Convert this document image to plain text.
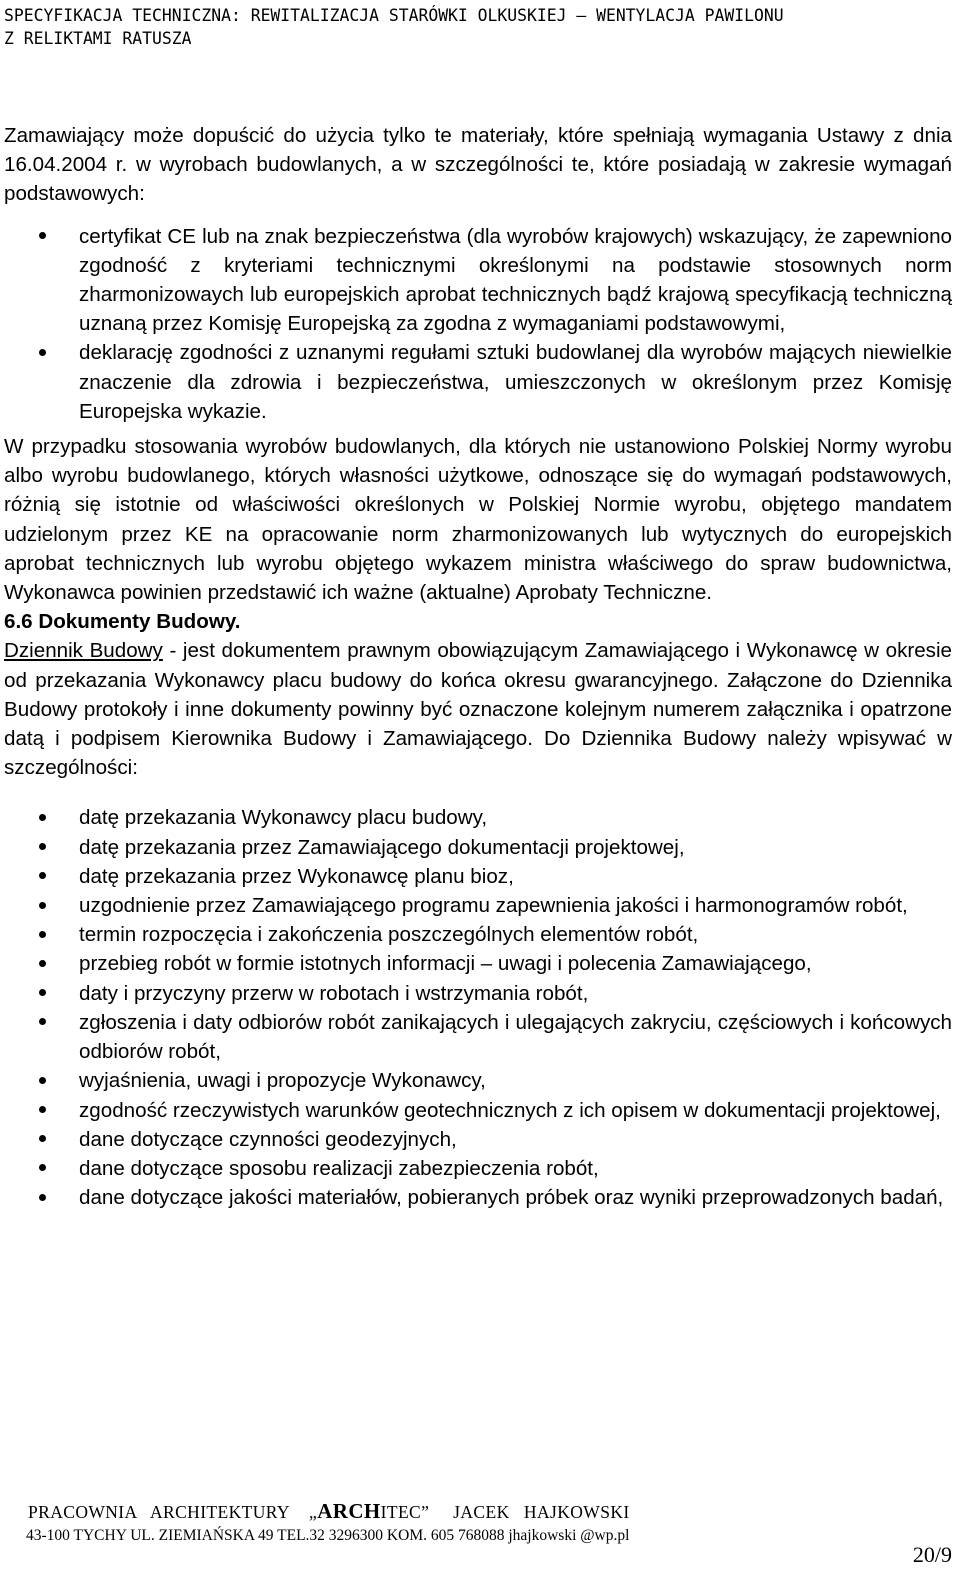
SPECYFIKACJA TECHNICZNA: REWITALIZACJA STARÓWKI OLKUSKIEJ – WENTYLACJA PAWILONU
Z RELIKTAMI RATUSZA

Zamawiający może dopuścić do użycia tylko te materiały, które spełniają wymagania Ustawy z dnia 16.04.2004 r. w wyrobach budowlanych, a w szczególności te, które posiadają w zakresie wymagań podstawowych:

certyfikat CE lub na znak bezpieczeństwa (dla wyrobów krajowych) wskazujący, że zapewniono zgodność z kryteriami technicznymi określonymi na podstawie stosownych norm zharmonizowaych lub europejskich aprobat technicznych bądź krajową specyfikacją techniczną uznaną przez Komisję Europejską za zgodna z wymaganiami podstawowymi,
deklarację zgodności z uznanymi regułami sztuki budowlanej dla wyrobów mających niewielkie znaczenie dla zdrowia i bezpieczeństwa, umieszczonych w określonym przez Komisję Europejska wykazie.

W przypadku stosowania wyrobów budowlanych, dla których nie ustanowiono Polskiej Normy wyrobu albo wyrobu budowlanego, których własności użytkowe, odnoszące się do wymagań podstawowych, różnią się istotnie od właściwości określonych w Polskiej Normie wyrobu, objętego mandatem udzielonym przez KE na opracowanie norm zharmonizowanych lub wytycznych do europejskich aprobat technicznych lub wyrobu objętego wykazem ministra właściwego do spraw budownictwa, Wykonawca powinien przedstawić ich ważne (aktualne) Aprobaty Techniczne.

6.6 Dokumenty Budowy.

Dziennik Budowy - jest dokumentem prawnym obowiązującym Zamawiającego i Wykonawcę w okresie od przekazania Wykonawcy placu budowy do końca okresu gwarancyjnego. Załączone do Dziennika Budowy protokoły i inne dokumenty powinny być oznaczone kolejnym numerem załącznika i opatrzone datą i podpisem Kierownika Budowy i Zamawiającego. Do Dziennika Budowy należy wpisywać w szczególności:

datę przekazania Wykonawcy placu budowy,
datę przekazania przez Zamawiającego dokumentacji projektowej,
datę przekazania przez Wykonawcę planu bioz,
uzgodnienie przez Zamawiającego programu zapewnienia jakości i harmonogramów robót,
termin rozpoczęcia i zakończenia poszczególnych elementów robót,
przebieg robót w formie istotnych informacji – uwagi i polecenia Zamawiającego,
daty i przyczyny przerw w robotach i wstrzymania robót,
zgłoszenia i daty odbiorów robót zanikających i ulegających zakryciu, częściowych i końcowych odbiorów robót,
wyjaśnienia, uwagi i propozycje Wykonawcy,
zgodność rzeczywistych warunków geotechnicznych z ich opisem w dokumentacji projektowej,
dane dotyczące czynności geodezyjnych,
dane dotyczące sposobu realizacji zabezpieczenia robót,
dane dotyczące jakości materiałów, pobieranych próbek oraz wyniki przeprowadzonych badań,
PRACOWNIA   ARCHITEKTURY „ARCHITEC” JACEK   HAJKOWSKI
43-100 TYCHY UL. ZIEMIAŃSKA 49 TEL.32 3296300 KOM. 605 768088 jhajkowski @wp.pl
20/9
